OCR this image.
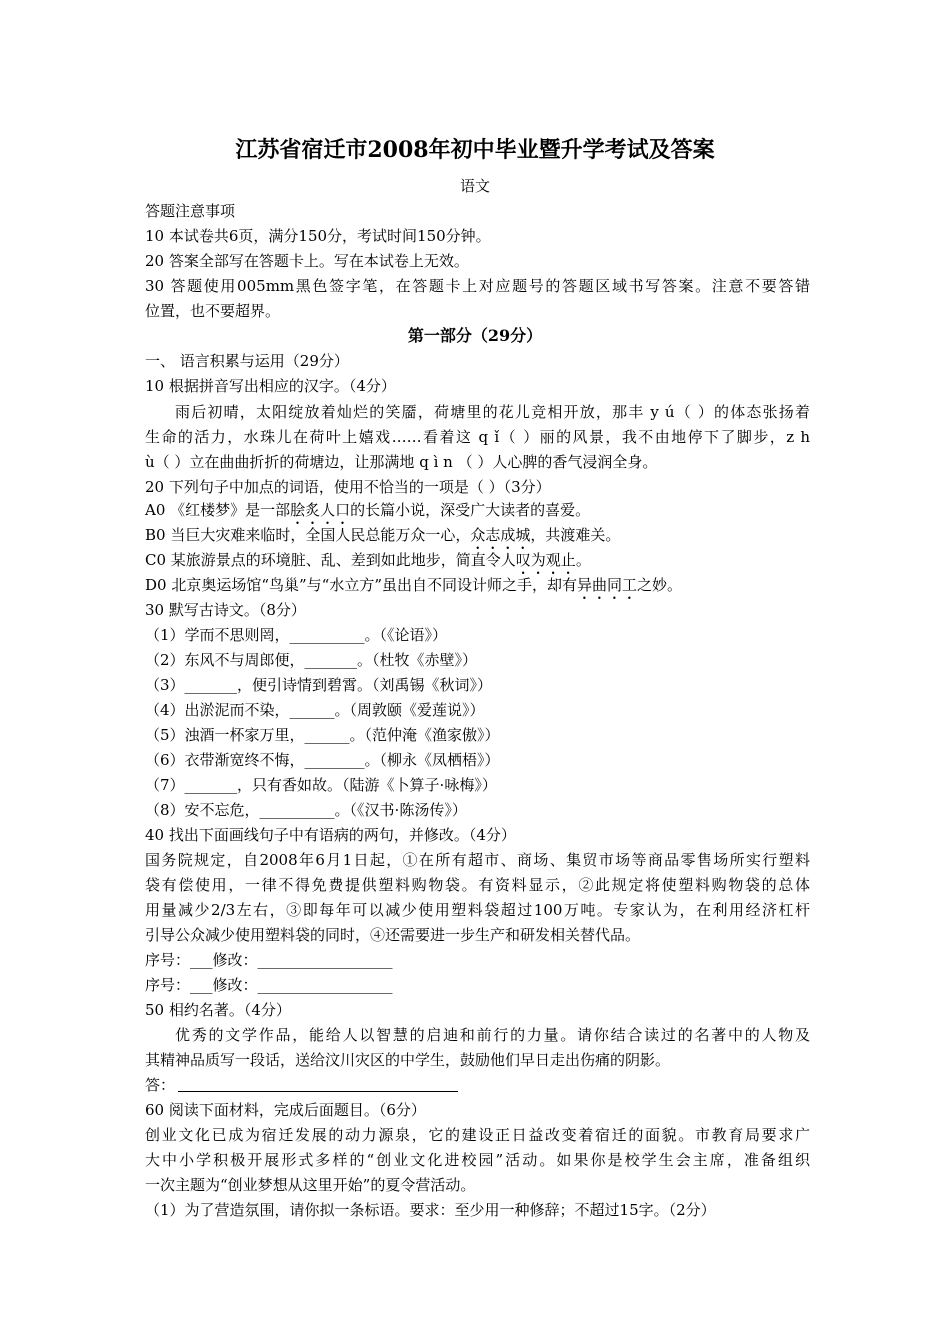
江苏省宿迁市2008年初中毕业暨升学考试及答案
语文
答题注意事项
10 本试卷共6页，满分150分，考试时间150分钟。
20 答案全部写在答题卡上。写在本试卷上无效。
30 答题使用005mm黑色签字笔，在答题卡上对应题号的答题区域书写答案。注意不要答错
位置，也不要超界。
第一部分（29分）
一、 语言积累与运用（29分）
10 根据拼音写出相应的汉字。（4分）
雨后初晴，太阳绽放着灿烂的笑靥，荷塘里的花儿竞相开放，那丰 y ú（ ）的体态张扬着
生命的活力，水珠儿在荷叶上嬉戏……看着这 q ǐ（ ）丽的风景，我不由地停下了脚步，z h
ù（ ）立在曲曲折折的荷塘边，让那满地 q ì n （ ）人心脾的香气浸润全身。
20 下列句子中加点的词语，使用不恰当的一项是（ ）（3分）
A0 《红楼梦》是一部脍炙人口的长篇小说，深受广大读者的喜爱。
B0 当巨大灾难来临时，全国人民总能万众一心，众志成城，共渡难关。
C0 某旅游景点的环境脏、乱、差到如此地步，简直令人叹为观止。
D0 北京奥运场馆“鸟巢”与“水立方”虽出自不同设计师之手，却有异曲同工之妙。
30 默写古诗文。（8分）
（1）学而不思则罔，__________。（《论语》）
（2）东风不与周郎便，_______。（杜牧《赤壁》）
（3）_______，便引诗情到碧霄。（刘禹锡《秋词》）
（4）出淤泥而不染，______。（周敦颐《爱莲说》）
（5）浊酒一杯家万里，______。（范仲淹《渔家傲》）
（6）衣带渐宽终不悔，________。（柳永《凤栖梧》）
（7）_______，只有香如故。（陆游《卜算子·咏梅》）
（8）安不忘危，__________。（《汉书·陈汤传》）
40 找出下面画线句子中有语病的两句，并修改。（4分）
国务院规定，自2008年6月1日起，①在所有超市、商场、集贸市场等商品零售场所实行塑料
袋有偿使用，一律不得免费提供塑料购物袋。有资料显示，②此规定将使塑料购物袋的总体
用量减少2/3左右，③即每年可以减少使用塑料袋超过100万吨。专家认为，在利用经济杠杆
引导公众减少使用塑料袋的同时，④还需要进一步生产和研发相关替代品。
序号：___修改：__________________
序号：___修改：__________________
50 相约名著。（4分）
优秀的文学作品，能给人以智慧的启迪和前行的力量。请你结合读过的名著中的人物及
其精神品质写一段话，送给汶川灾区的中学生，鼓励他们早日走出伤痛的阴影。
答：
60 阅读下面材料，完成后面题目。（6分）
创业文化已成为宿迁发展的动力源泉，它的建设正日益改变着宿迁的面貌。市教育局要求广
大中小学积极开展形式多样的“创业文化进校园”活动。如果你是校学生会主席，准备组织
一次主题为“创业梦想从这里开始”的夏令营活动。
（1）为了营造氛围，请你拟一条标语。要求：至少用一种修辞；不超过15字。（2分）
